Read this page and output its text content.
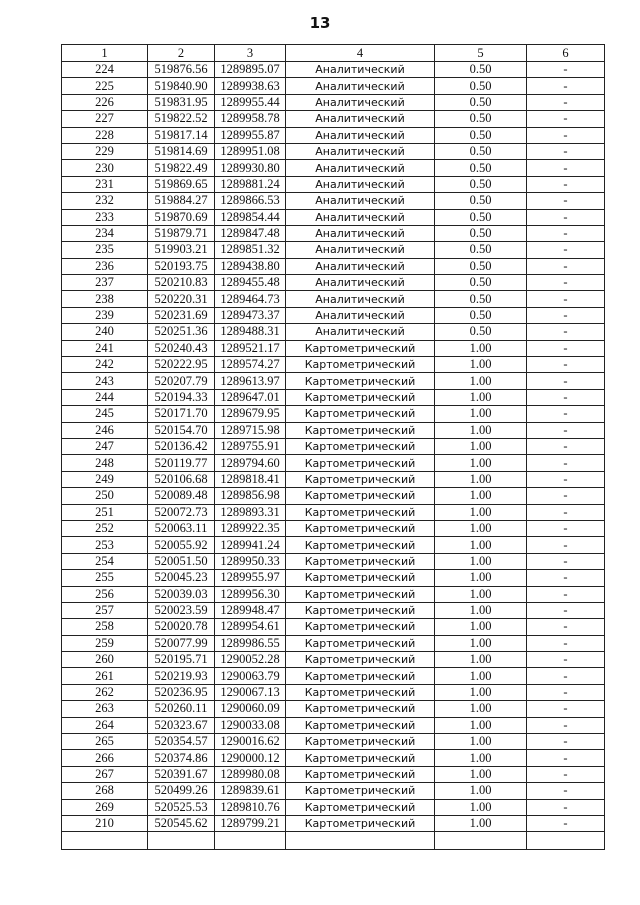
13
1	2	3	4	5	6
224	519876.56	1289895.07	Аналитический	0.50	-
225	519840.90	1289938.63	Аналитический	0.50	-
226	519831.95	1289955.44	Аналитический	0.50	-
227	519822.52	1289958.78	Аналитический	0.50	-
228	519817.14	1289955.87	Аналитический	0.50	-
229	519814.69	1289951.08	Аналитический	0.50	-
230	519822.49	1289930.80	Аналитический	0.50	-
231	519869.65	1289881.24	Аналитический	0.50	-
232	519884.27	1289866.53	Аналитический	0.50	-
233	519870.69	1289854.44	Аналитический	0.50	-
234	519879.71	1289847.48	Аналитический	0.50	-
235	519903.21	1289851.32	Аналитический	0.50	-
236	520193.75	1289438.80	Аналитический	0.50	-
237	520210.83	1289455.48	Аналитический	0.50	-
238	520220.31	1289464.73	Аналитический	0.50	-
239	520231.69	1289473.37	Аналитический	0.50	-
240	520251.36	1289488.31	Аналитический	0.50	-
241	520240.43	1289521.17	Картометрический	1.00	-
242	520222.95	1289574.27	Картометрический	1.00	-
243	520207.79	1289613.97	Картометрический	1.00	-
244	520194.33	1289647.01	Картометрический	1.00	-
245	520171.70	1289679.95	Картометрический	1.00	-
246	520154.70	1289715.98	Картометрический	1.00	-
247	520136.42	1289755.91	Картометрический	1.00	-
248	520119.77	1289794.60	Картометрический	1.00	-
249	520106.68	1289818.41	Картометрический	1.00	-
250	520089.48	1289856.98	Картометрический	1.00	-
251	520072.73	1289893.31	Картометрический	1.00	-
252	520063.11	1289922.35	Картометрический	1.00	-
253	520055.92	1289941.24	Картометрический	1.00	-
254	520051.50	1289950.33	Картометрический	1.00	-
255	520045.23	1289955.97	Картометрический	1.00	-
256	520039.03	1289956.30	Картометрический	1.00	-
257	520023.59	1289948.47	Картометрический	1.00	-
258	520020.78	1289954.61	Картометрический	1.00	-
259	520077.99	1289986.55	Картометрический	1.00	-
260	520195.71	1290052.28	Картометрический	1.00	-
261	520219.93	1290063.79	Картометрический	1.00	-
262	520236.95	1290067.13	Картометрический	1.00	-
263	520260.11	1290060.09	Картометрический	1.00	-
264	520323.67	1290033.08	Картометрический	1.00	-
265	520354.57	1290016.62	Картометрический	1.00	-
266	520374.86	1290000.12	Картометрический	1.00	-
267	520391.67	1289980.08	Картометрический	1.00	-
268	520499.26	1289839.61	Картометрический	1.00	-
269	520525.53	1289810.76	Картометрический	1.00	-
210	520545.62	1289799.21	Картометрический	1.00	-
